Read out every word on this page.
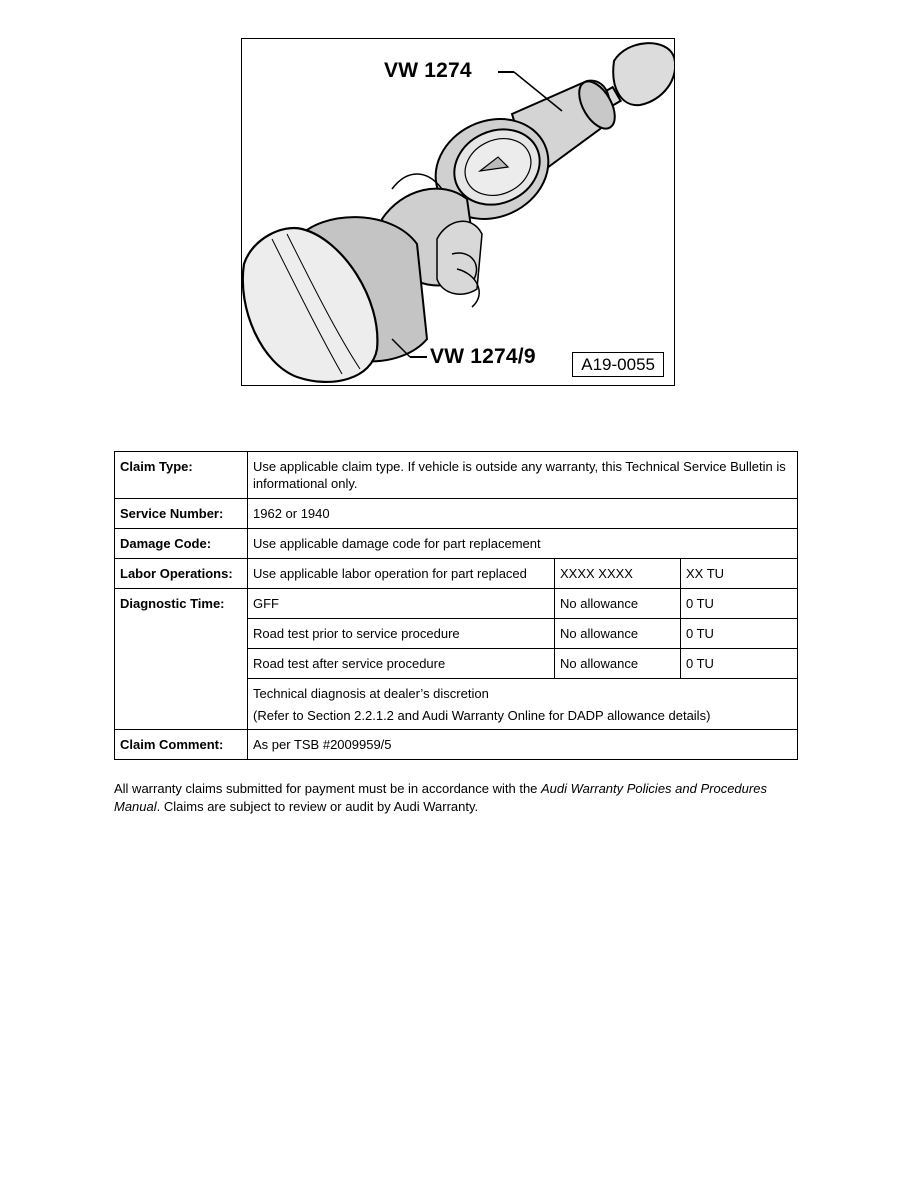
VW 1274
VW 1274/9	A19-0055
Claim Type:	Use applicable claim type. If vehicle is outside any warranty, this Technical Service Bulletin is informational only.		
Service Number:	1962 or 1940		
Damage Code:	Use applicable damage code for part replacement		
Labor Operations:	Use applicable labor operation for part replaced	XXXX XXXX	XX TU
Diagnostic Time:	GFF	No allowance	0 TU
	Road test prior to service procedure	No allowance	0 TU
	Road test after service procedure	No allowance	0 TU

	Technical diagnosis at dealer’s discretion
(Refer to Section 2.2.1.2 and Audi Warranty Online for DADP allowance details)		

Claim Comment:	As per TSB #2009959/5		

All warranty claims submitted for payment must be in accordance with the Audi Warranty Policies and Procedures Manual. Claims are subject to review or audit by Audi Warranty.
